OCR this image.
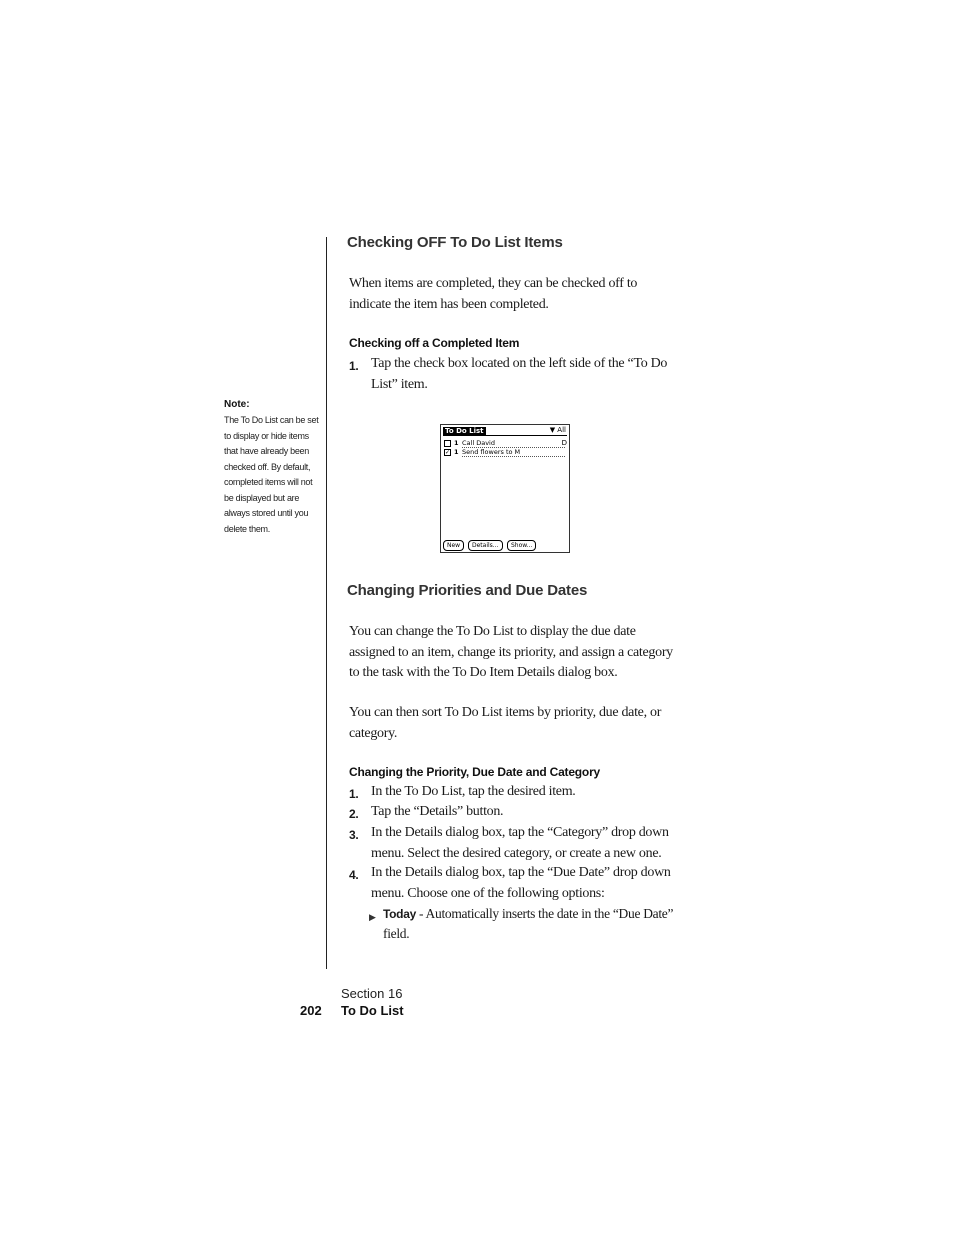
Checking OFF To Do List Items

When items are completed, they can be checked off to indicate the item has been completed.

Checking off a Completed Item
1. Tap the check box located on the left side of the “To Do List” item.
Note:
The To Do List can be set to display or hide items that have already been checked off. By default, completed items will not be displayed but are always stored until you delete them.
To Do List	▼ All
1 Call David	D
✓ 1 Send flowers to M
New	Details...	Show...
Changing Priorities and Due Dates

You can change the To Do List to display the due date assigned to an item, change its priority, and assign a category to the task with the To Do Item Details dialog box.

You can then sort To Do List items by priority, due date, or category.

Changing the Priority, Due Date and Category
1. In the To Do List, tap the desired item.
2. Tap the “Details” button.
3. In the Details dialog box, tap the “Category” drop down menu. Select the desired category, or create a new one.
4. In the Details dialog box, tap the “Due Date” drop down menu. Choose one of the following options:
▶ Today - Automatically inserts the date in the “Due Date” field.
Section 16
202 To Do List
